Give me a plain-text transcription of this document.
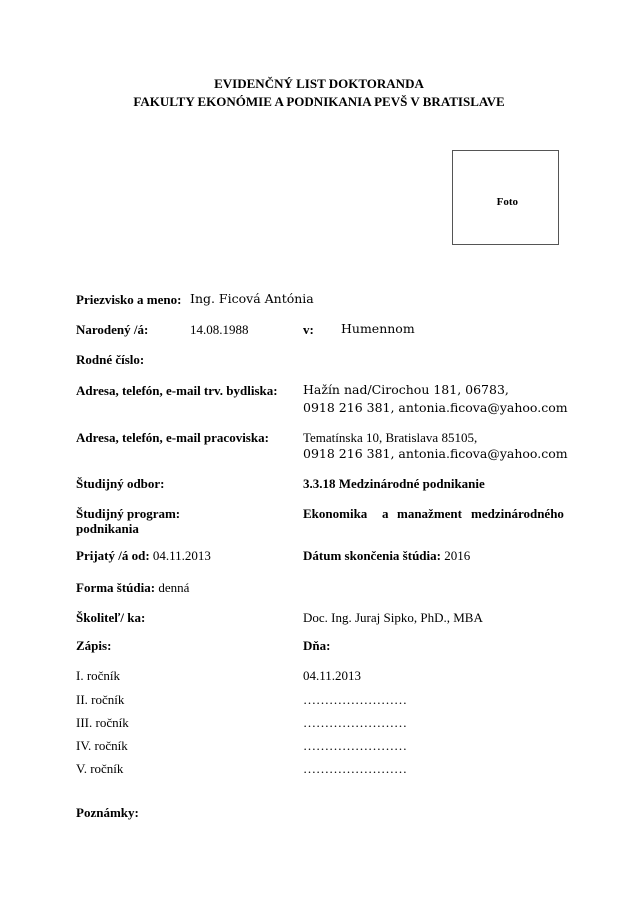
EVIDENČNÝ LIST DOKTORANDA
FAKULTY EKONÓMIE A PODNIKANIA PEVŠ V BRATISLAVE
Foto
Priezvisko a meno: Ing. Ficová Antónia
Narodený /á:	14.08.1988	v: Humennom
Rodné číslo:
Adresa, telefón, e-mail trv. bydliska: Hažín nad/Cirochou 181, 06783,
0918 216 381, antonia.ficova@yahoo.com
Adresa, telefón, e-mail pracoviska:	Tematínska 10, Bratislava 85105,
0918 216 381, antonia.ficova@yahoo.com
Študijný odbor:	3.3.18 Medzinárodné podnikanie
Študijný program:	Ekonomika a manažment medzinárodného
podnikania
Prijatý /á od: 04.11.2013	Dátum skončenia štúdia: 2016
Forma štúdia: denná
Školiteľ/ ka:	Doc. Ing. Juraj Sipko, PhD., MBA
Zápis:	Dňa:
I. ročník	04.11.2013
II. ročník	……………………
III. ročník	……………………
IV. ročník	……………………
V. ročník	……………………
Poznámky:
